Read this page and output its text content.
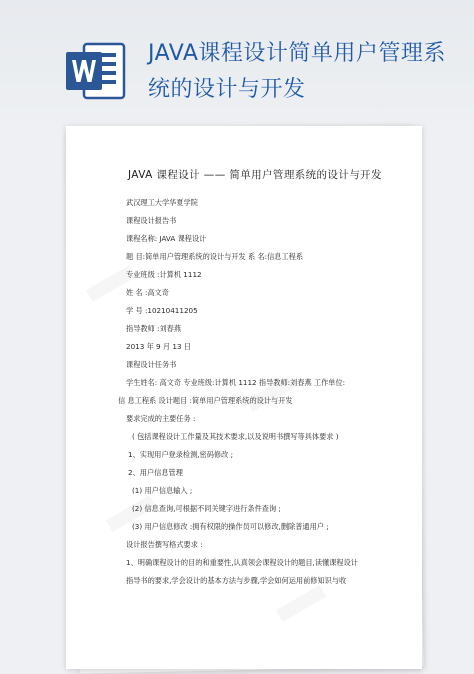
JAVA课程设计简单用户管理系统的设计与开发
JAVA 课程设计 —— 简单用户管理系统的设计与开发
武汉理工大学华夏学院
课程设计报告书
课程名称: JAVA 课程设计
题 目:简单用户管理系统的设计与开发 系 名:信息工程系
专业班级 :计算机 1112
姓 名 :高文奇
学 号 :10210411205
指导教师 :刘春燕
2013 年 9 月 13 日
课程设计任务书
学生姓名: 高文奇 专业班级:计算机 1112 指导教师:刘春燕 工作单位:
信 息工程系 设计题目 :简单用户管理系统的设计与开发
要求完成的主要任务 :
( 包括课程设计工作量及其技术要求,以及说明书撰写等具体要求 )
1、实现用户登录检测,密码修改 ;
2、用户信息管理
(1) 用户信息输入 ;
(2) 信息查询,可根据不同关键字进行条件查询 ;
(3) 用户信息修改 :拥有权限的操作员可以修改,删除普通用户 ;
设计报告撰写格式要求 :
1、明确课程设计的目的和重要性,认真领会课程设计的题目,读懂课程设计
指导书的要求,学会设计的基本方法与步骤,学会如何运用前修知识与收
